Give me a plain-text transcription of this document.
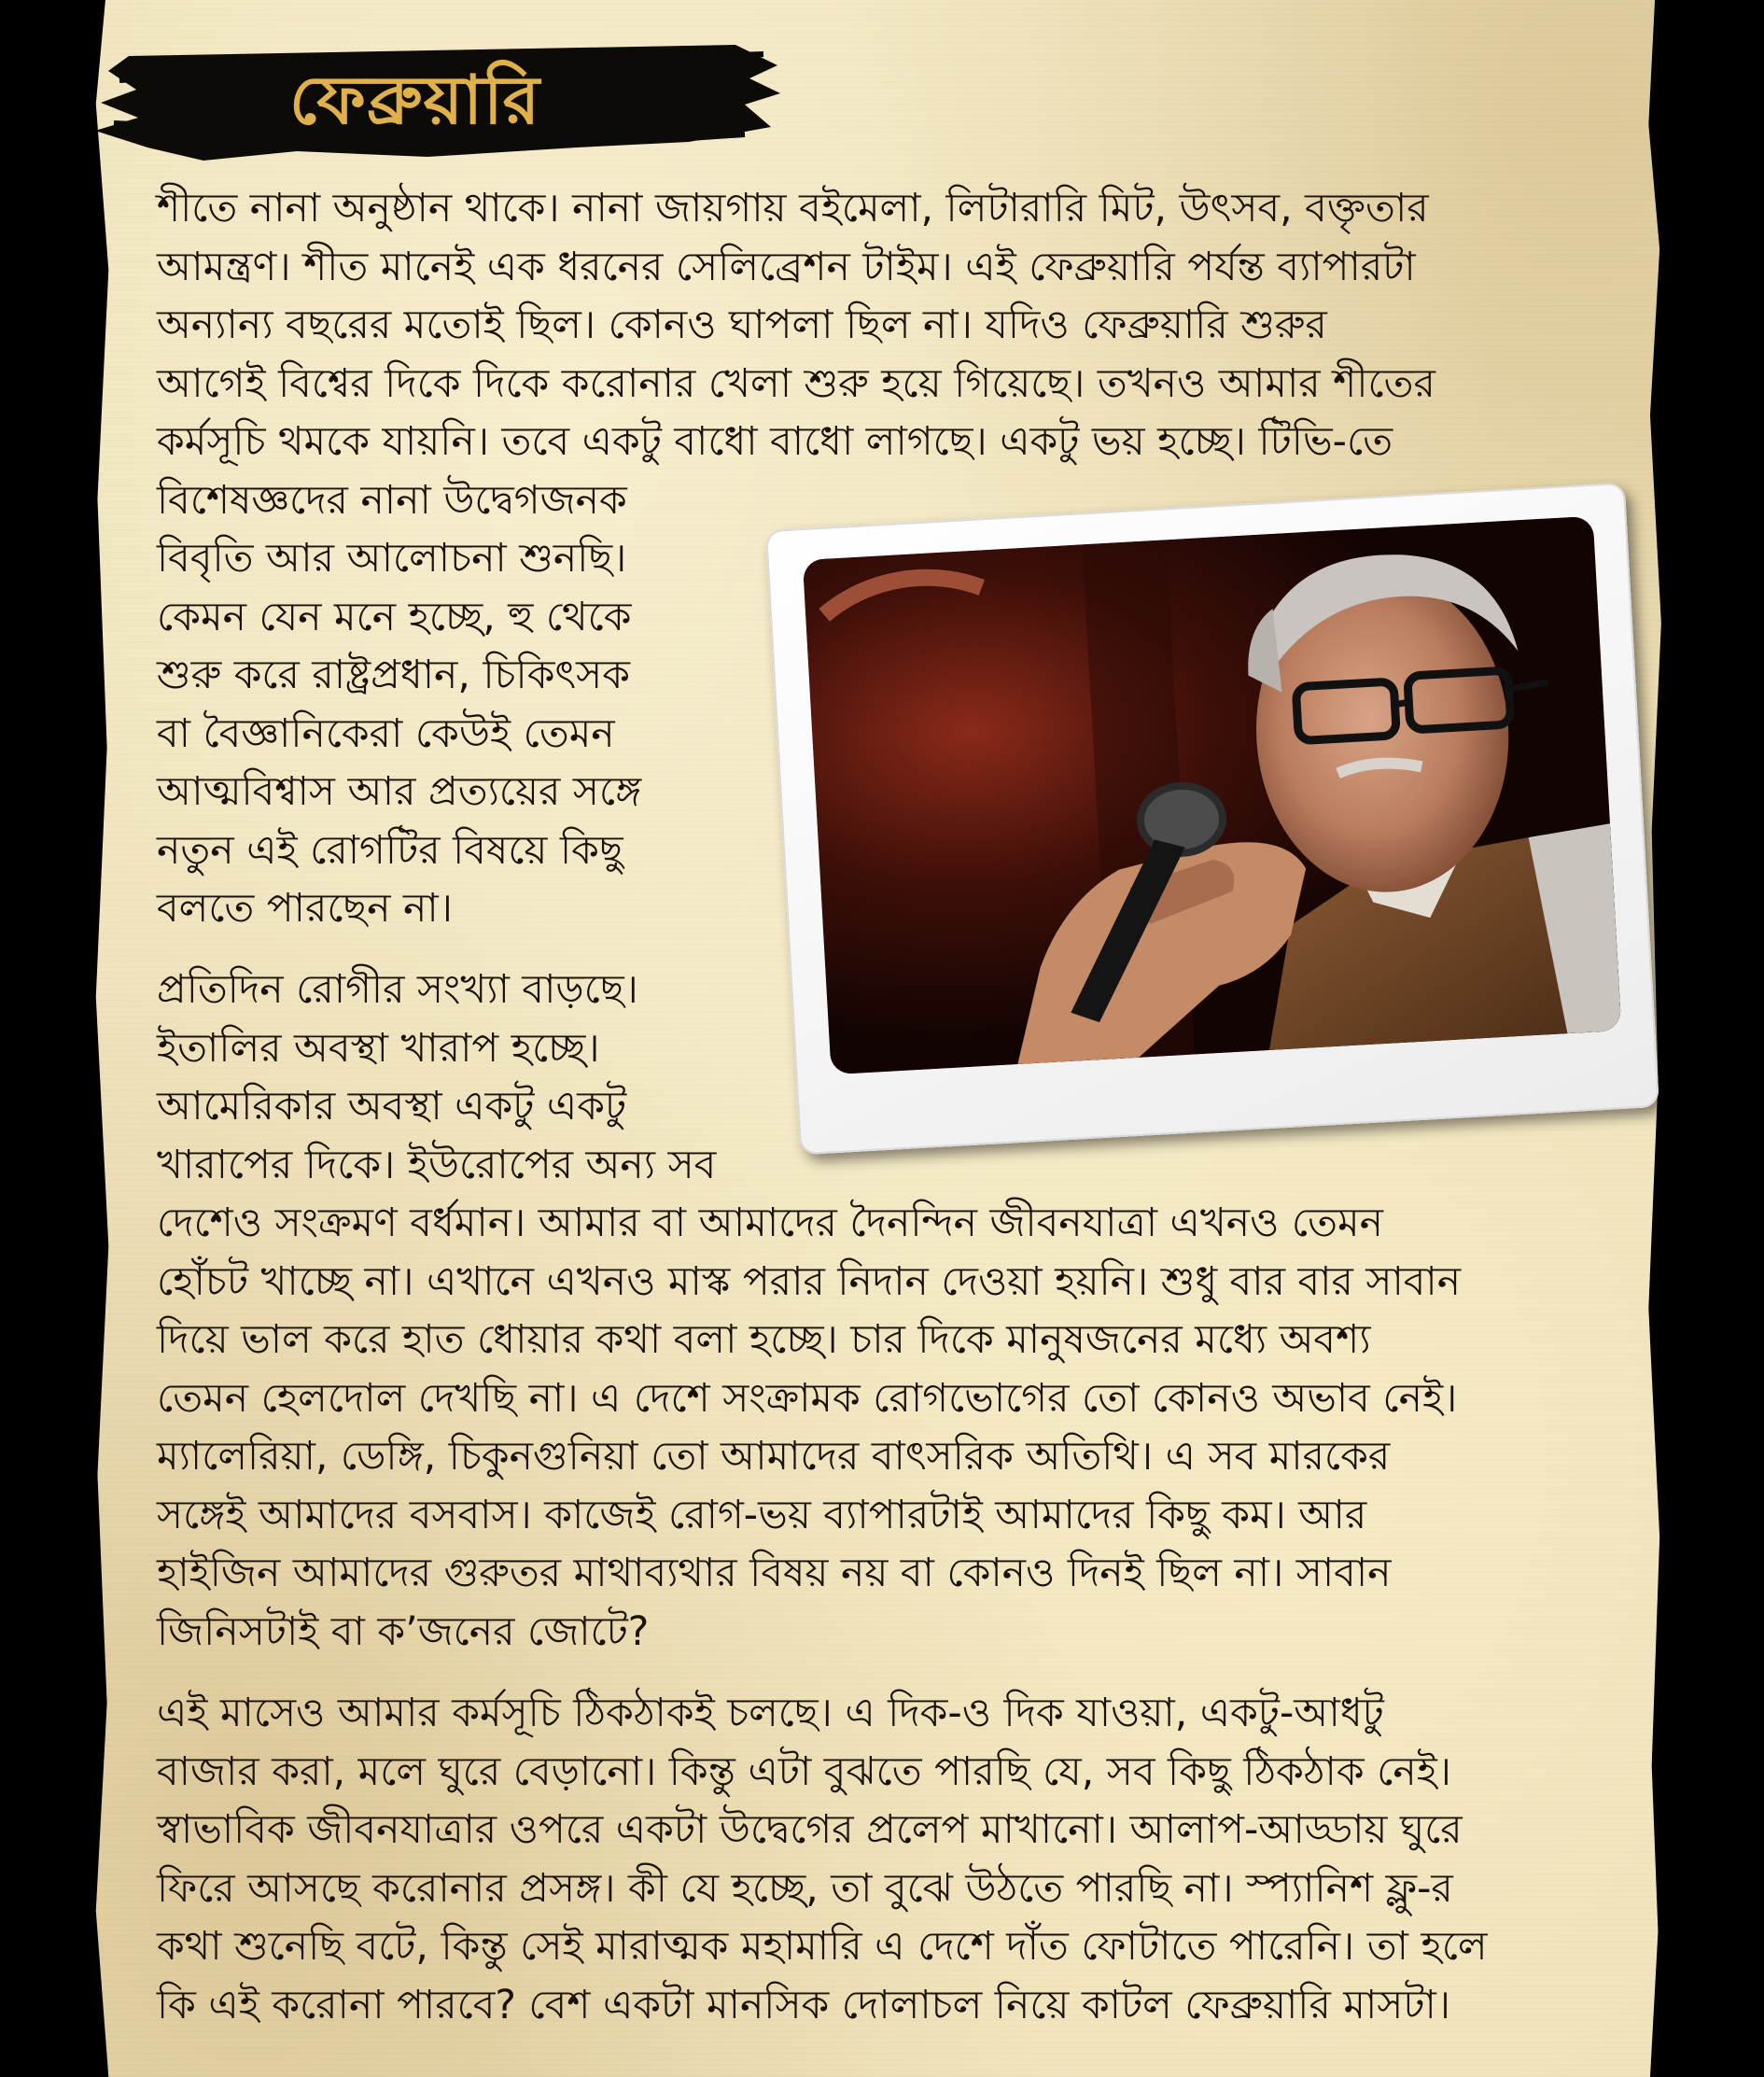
ফেব্রুয়ারি
শীতে নানা অনুষ্ঠান থাকে। নানা জায়গায় বইমেলা, লিটারারি মিট, উৎসব, বক্তৃতার
আমন্ত্রণ। শীত মানেই এক ধরনের সেলিব্রেশন টাইম। এই ফেব্রুয়ারি পর্যন্ত ব্যাপারটা
অন্যান্য বছরের মতোই ছিল। কোনও ঘাপলা ছিল না। যদিও ফেব্রুয়ারি শুরুর
আগেই বিশ্বের দিকে দিকে করোনার খেলা শুরু হয়ে গিয়েছে। তখনও আমার শীতের
কর্মসূচি থমকে যায়নি। তবে একটু বাধো বাধো লাগছে। একটু ভয় হচ্ছে। টিভি-তে
বিশেষজ্ঞদের নানা উদ্বেগজনক
বিবৃতি আর আলোচনা শুনছি।
কেমন যেন মনে হচ্ছে, হু থেকে
শুরু করে রাষ্ট্রপ্রধান, চিকিৎসক
বা বৈজ্ঞানিকেরা কেউই তেমন
আত্মবিশ্বাস আর প্রত্যয়ের সঙ্গে
নতুন এই রোগটির বিষয়ে কিছু
বলতে পারছেন না।
প্রতিদিন রোগীর সংখ্যা বাড়ছে।
ইতালির অবস্থা খারাপ হচ্ছে।
আমেরিকার অবস্থা একটু একটু
খারাপের দিকে। ইউরোপের অন্য সব
দেশেও সংক্রমণ বর্ধমান। আমার বা আমাদের দৈনন্দিন জীবনযাত্রা এখনও তেমন
হোঁচট খাচ্ছে না। এখানে এখনও মাস্ক পরার নিদান দেওয়া হয়নি। শুধু বার বার সাবান
দিয়ে ভাল করে হাত ধোয়ার কথা বলা হচ্ছে। চার দিকে মানুষজনের মধ্যে অবশ্য
তেমন হেলদোল দেখছি না। এ দেশে সংক্রামক রোগভোগের তো কোনও অভাব নেই।
ম্যালেরিয়া, ডেঙ্গি, চিকুনগুনিয়া তো আমাদের বাৎসরিক অতিথি। এ সব মারকের
সঙ্গেই আমাদের বসবাস। কাজেই রোগ-ভয় ব্যাপারটাই আমাদের কিছু কম। আর
হাইজিন আমাদের গুরুতর মাথাব্যথার বিষয় নয় বা কোনও দিনই ছিল না। সাবান
জিনিসটাই বা ক’জনের জোটে?
এই মাসেও আমার কর্মসূচি ঠিকঠাকই চলছে। এ দিক-ও দিক যাওয়া, একটু-আধটু
বাজার করা, মলে ঘুরে বেড়ানো। কিন্তু এটা বুঝতে পারছি যে, সব কিছু ঠিকঠাক নেই।
স্বাভাবিক জীবনযাত্রার ওপরে একটা উদ্বেগের প্রলেপ মাখানো। আলাপ-আড্ডায় ঘুরে
ফিরে আসছে করোনার প্রসঙ্গ। কী যে হচ্ছে, তা বুঝে উঠতে পারছি না। স্প্যানিশ ফ্লু-র
কথা শুনেছি বটে, কিন্তু সেই মারাত্মক মহামারি এ দেশে দাঁত ফোটাতে পারেনি। তা হলে
কি এই করোনা পারবে? বেশ একটা মানসিক দোলাচল নিয়ে কাটল ফেব্রুয়ারি মাসটা।
